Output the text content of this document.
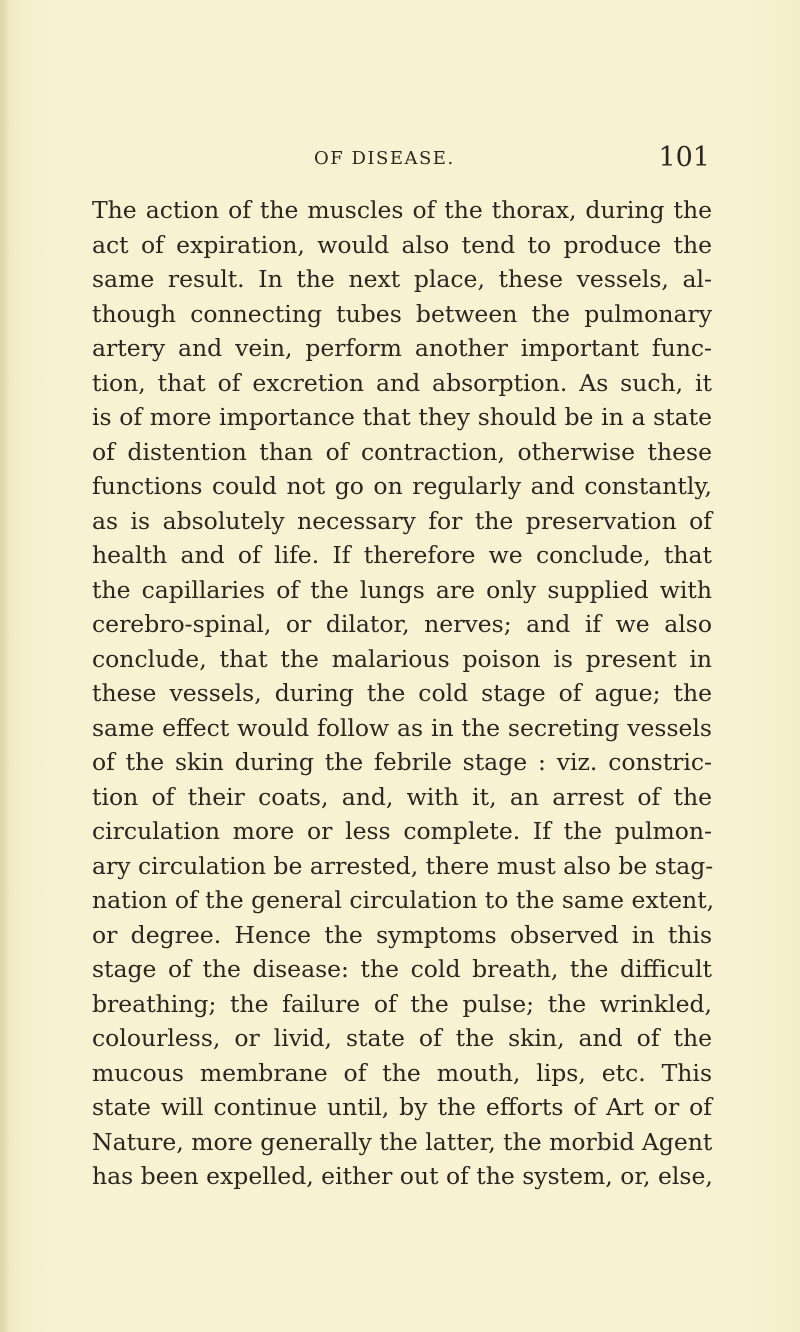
OF DISEASE.	101
The action of the muscles of the thorax, during the
act of expiration, would also tend to produce the
same result. In the next place, these vessels, al-
though connecting tubes between the pulmonary
artery and vein, perform another important func-
tion, that of excretion and absorption. As such, it
is of more importance that they should be in a state
of distention than of contraction, otherwise these
functions could not go on regularly and constantly,
as is absolutely necessary for the preservation of
health and of life. If therefore we conclude, that
the capillaries of the lungs are only supplied with
cerebro-spinal, or dilator, nerves; and if we also
conclude, that the malarious poison is present in
these vessels, during the cold stage of ague; the
same effect would follow as in the secreting vessels
of the skin during the febrile stage : viz. constric-
tion of their coats, and, with it, an arrest of the
circulation more or less complete. If the pulmon-
ary circulation be arrested, there must also be stag-
nation of the general circulation to the same extent,
or degree. Hence the symptoms observed in this
stage of the disease: the cold breath, the difficult
breathing; the failure of the pulse; the wrinkled,
colourless, or livid, state of the skin, and of the
mucous membrane of the mouth, lips, etc. This
state will continue until, by the efforts of Art or of
Nature, more generally the latter, the morbid Agent
has been expelled, either out of the system, or, else,
